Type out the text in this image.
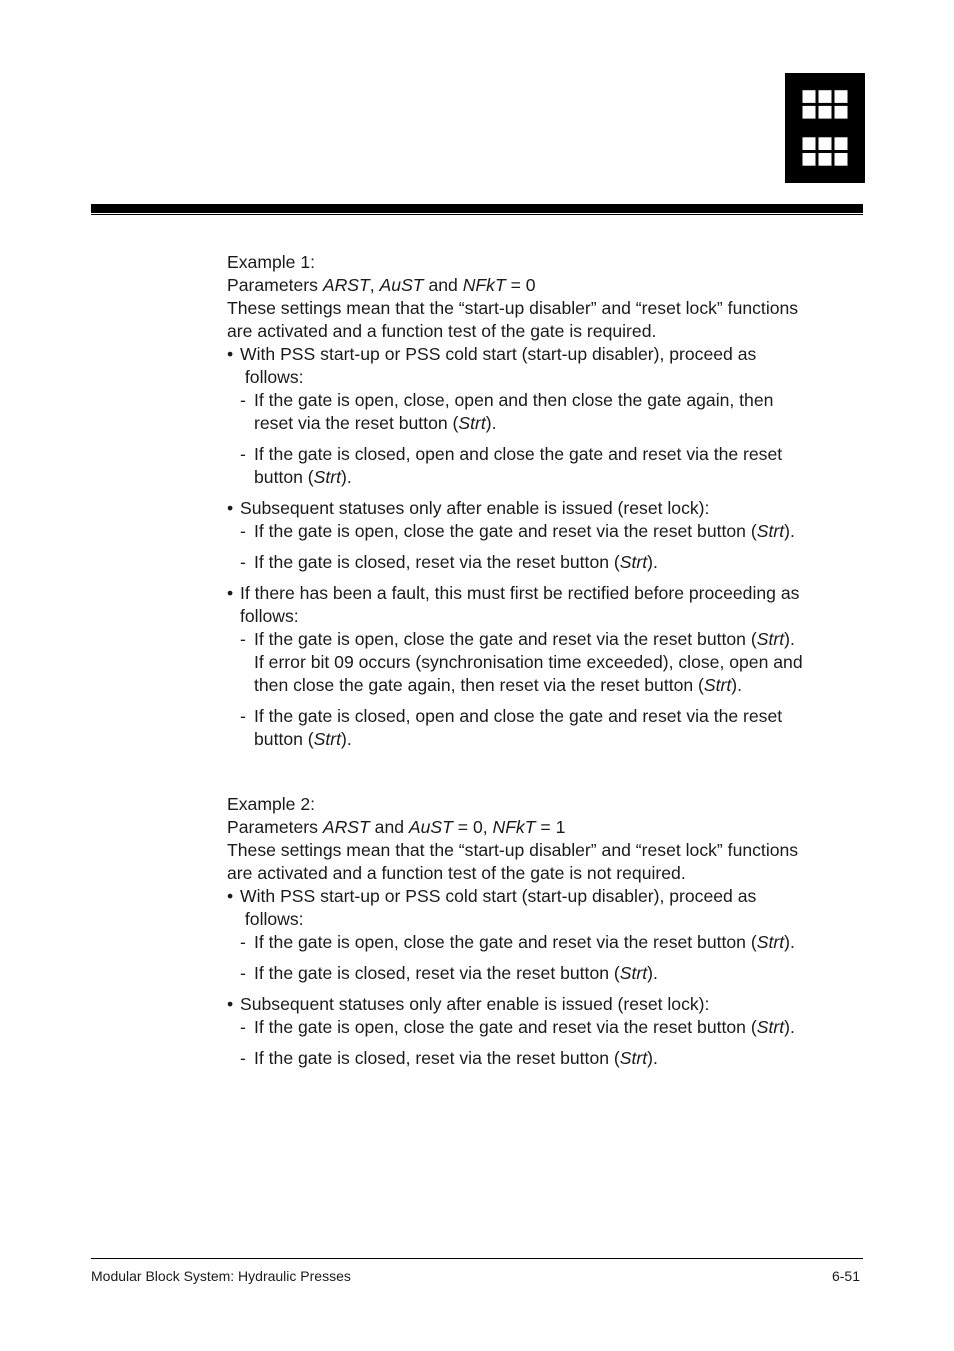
Example 1:

Parameters ARST, AuST and NFkT = 0

These settings mean that the “start-up disabler” and “reset lock” functions
are activated and a function test of the gate is required.

• With PSS start-up or PSS cold start (start-up disabler), proceed as
follows:

- If the gate is open, close, open and then close the gate again, then
reset via the reset button (Strt).

- If the gate is closed, open and close the gate and reset via the reset
button (Strt).

• Subsequent statuses only after enable is issued (reset lock):

- If the gate is open, close the gate and reset via the reset button (Strt).

- If the gate is closed, reset via the reset button (Strt).

• If there has been a fault, this must first be rectified before proceeding as
follows:

- If the gate is open, close the gate and reset via the reset button (Strt).
If error bit 09 occurs (synchronisation time exceeded), close, open and
then close the gate again, then reset via the reset button (Strt).

- If the gate is closed, open and close the gate and reset via the reset
button (Strt).

Example 2:

Parameters ARST and AuST = 0, NFkT = 1

These settings mean that the “start-up disabler” and “reset lock” functions
are activated and a function test of the gate is not required.

• With PSS start-up or PSS cold start (start-up disabler), proceed as
follows:

- If the gate is open, close the gate and reset via the reset button (Strt).

- If the gate is closed, reset via the reset button (Strt).

• Subsequent statuses only after enable is issued (reset lock):

- If the gate is open, close the gate and reset via the reset button (Strt).

- If the gate is closed, reset via the reset button (Strt).

Modular Block System: Hydraulic Presses	6-51
